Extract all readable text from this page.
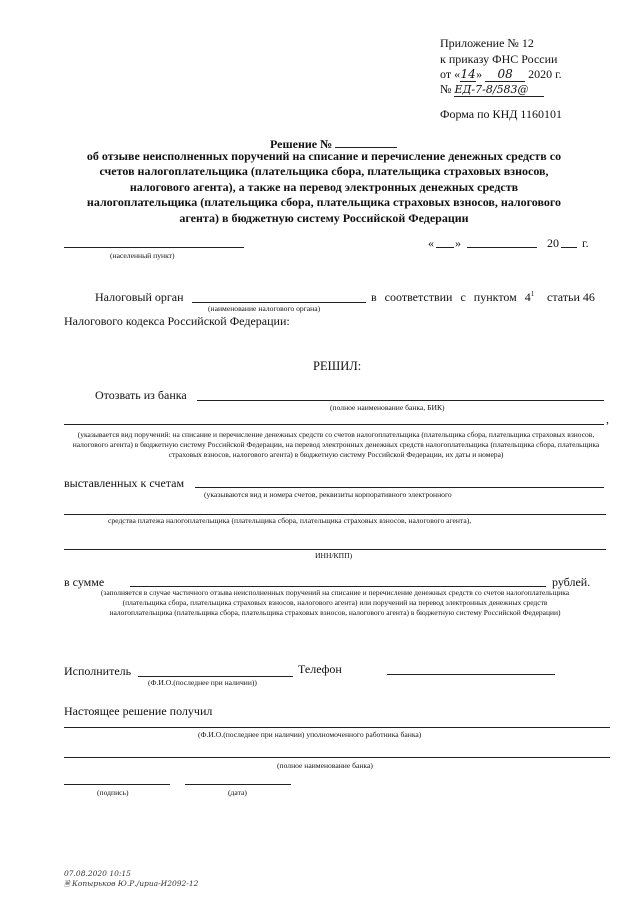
Приложение № 12
к приказу ФНС России
от «14» 08 2020 г.
№ ЕД-7-8/583@
Форма по КНД 1160101
Решение №
об отзыве неисполненных поручений на списание и перечисление денежных средств со счетов налогоплательщика (плательщика сбора, плательщика страховых взносов, налогового агента), а также на перевод электронных денежных средств налогоплательщика (плательщика сбора, плательщика страховых взносов, налогового агента) в бюджетную систему Российской Федерации
(населенный пункт)
« »	20 г.
Налоговый орган
(наименование налогового органа)
в соответствии с пунктом $4^1$ статьи 46
Налогового кодекса Российской Федерации:
РЕШИЛ:
Отозвать из банка
(полное наименование банка, БИК)
,
(указывается вид поручений: на списание и перечисление денежных средств со счетов налогоплательщика (плательщика сбора, плательщика страховых взносов, налогового агента) в бюджетную систему Российской Федерации, на перевод электронных денежных средств налогоплательщика (плательщика сбора, плательщика страховых взносов, налогового агента) в бюджетную систему Российской Федерации, их даты и номера)
выставленных к счетам
(указываются вид и номера счетов, реквизиты корпоративного электронного
средства платежа налогоплательщика (плательщика сбора, плательщика страховых взносов, налогового агента),
ИНН/КПП)
в сумме	рублей.
(заполняется в случае частичного отзыва неисполненных поручений на списание и перечисление денежных средств со счетов налогоплательщика (плательщика сбора, плательщика страховых взносов, налогового агента) или поручений на перевод электронных денежных средств налогоплательщика (плательщика сбора, плательщика страховых взносов, налогового агента) в бюджетную систему Российской Федерации)
Исполнитель
(Ф.И.О.(последнее при наличии))
Телефон
Настоящее решение получил
(Ф.И.О.(последнее при наличии) уполномоченного работника банка)
(полное наименование банка)
(подпись)	(дата)
07.08.2020 10:15
🗎 Копырьков Ю.Р./ириа-И2092-12
